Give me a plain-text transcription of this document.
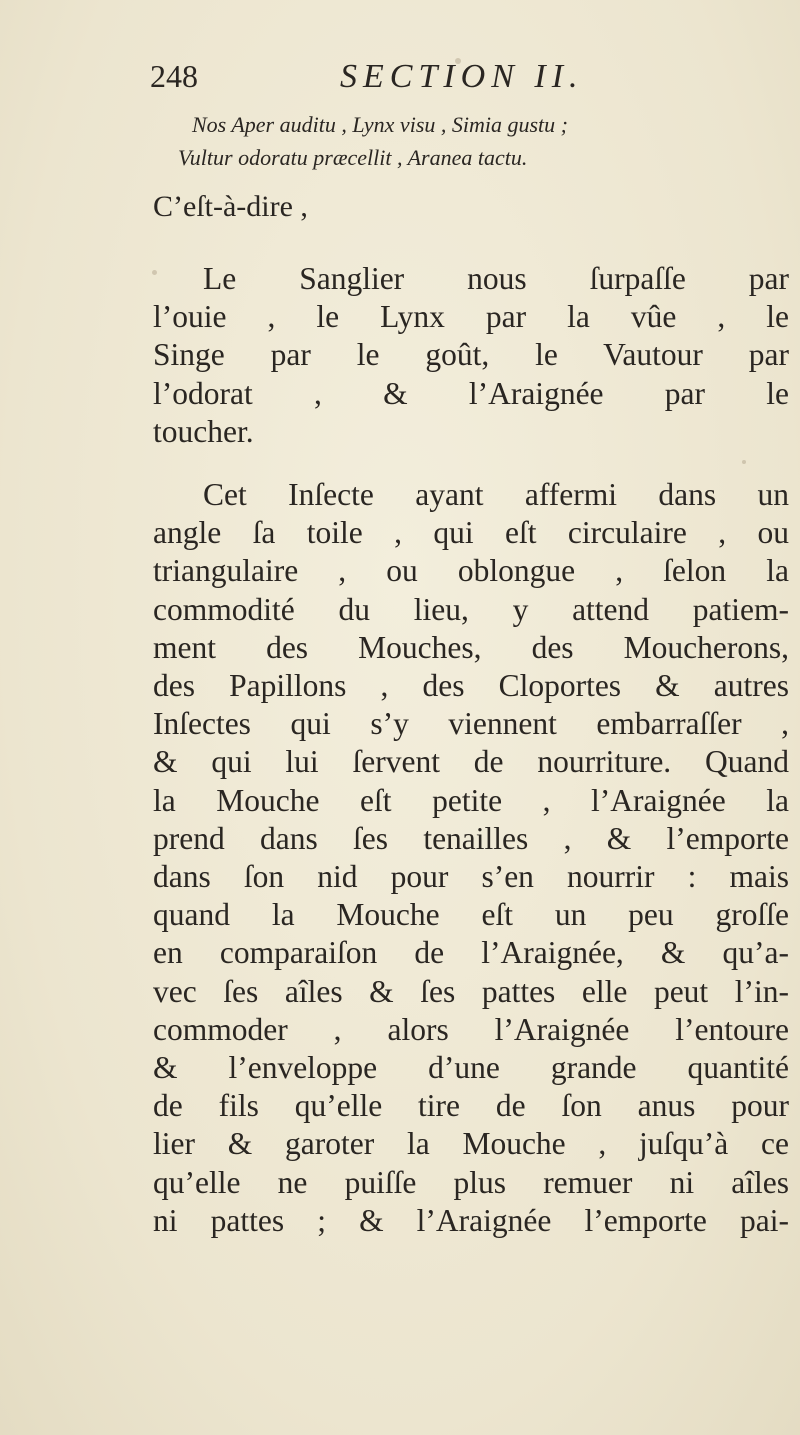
248	SECTION II.
Nos Aper auditu , Lynx visu , Simia gustu ;
Vultur odoratu præcellit , Aranea tactu.
C’eſt-à-dire ,
Le Sanglier nous ſurpaſſe par
l’ouie , le Lynx par la vûe , le
Singe par le goût, le Vautour par
l’odorat , & l’Araignée par le
toucher.
Cet Inſecte ayant affermi dans un
angle ſa toile , qui eſt circulaire , ou
triangulaire , ou oblongue , ſelon la
commodité du lieu, y attend patiem-
ment des Mouches, des Moucherons,
des Papillons , des Cloportes & autres
Inſectes qui s’y viennent embarraſſer ,
& qui lui ſervent de nourriture. Quand
la Mouche eſt petite , l’Araignée la
prend dans ſes tenailles , & l’emporte
dans ſon nid pour s’en nourrir : mais
quand la Mouche eſt un peu groſſe
en comparaiſon de l’Araignée, & qu’a-
vec ſes aîles & ſes pattes elle peut l’in-
commoder , alors l’Araignée l’entoure
& l’enveloppe d’une grande quantité
de fils qu’elle tire de ſon anus pour
lier & garoter la Mouche , juſqu’à ce
qu’elle ne puiſſe plus remuer ni aîles
ni pattes ; & l’Araignée l’emporte pai-
